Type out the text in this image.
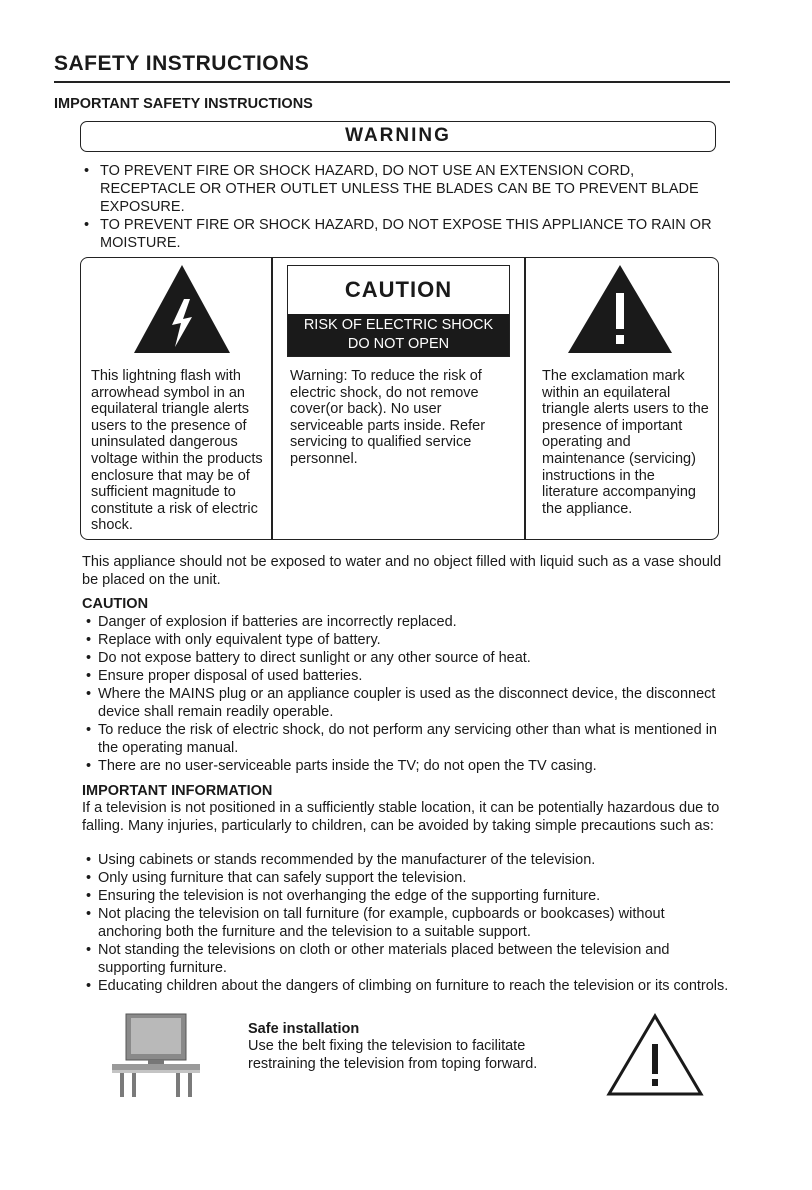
SAFETY INSTRUCTIONS
IMPORTANT SAFETY INSTRUCTIONS
WARNING
• TO PREVENT FIRE OR SHOCK HAZARD, DO NOT USE AN EXTENSION CORD, RECEPTACLE OR OTHER OUTLET UNLESS THE BLADES CAN BE TO PREVENT BLADE EXPOSURE.
• TO PREVENT FIRE OR SHOCK HAZARD, DO NOT EXPOSE THIS APPLIANCE TO RAIN OR MOISTURE.
CAUTION
RISK OF ELECTRIC SHOCK
DO NOT OPEN
This lightning flash with arrowhead symbol in an equilateral triangle alerts users to the presence of uninsulated dangerous voltage within the products enclosure that may be of sufficient magnitude to constitute a risk of electric shock.
Warning: To reduce the risk of electric shock, do not remove cover(or back). No user serviceable parts inside. Refer servicing to qualified service personnel.
The exclamation mark within an equilateral triangle alerts users to the presence of important operating and maintenance (servicing) instructions in the literature accompanying the appliance.
This appliance should not be exposed to water and no object filled with liquid such as a vase should be placed on the unit.
CAUTION
• Danger of explosion if batteries are incorrectly replaced.
• Replace with only equivalent type of battery.
• Do not expose battery to direct sunlight or any other source of heat.
• Ensure proper disposal of used batteries.
• Where the MAINS plug or an appliance coupler is used as the disconnect device, the disconnect device shall remain readily operable.
• To reduce the risk of electric shock, do not perform any servicing other than what is mentioned in the operating manual.
• There are no user-serviceable parts inside the TV; do not open the TV casing.
IMPORTANT INFORMATION
If a television is not positioned in a sufficiently stable location, it can be potentially hazardous due to falling. Many injuries, particularly to children, can be avoided by taking simple precautions such as:
• Using cabinets or stands recommended by the manufacturer of the television.
• Only using furniture that can safely support the television.
• Ensuring the television is not overhanging the edge of the supporting furniture.
• Not placing the television on tall furniture (for example, cupboards or bookcases) without anchoring both the furniture and the television to a suitable support.
• Not standing the televisions on cloth or other materials placed between the television and supporting furniture.
• Educating children about the dangers of climbing on furniture to reach the television or its controls.
Safe installation
Use the belt fixing the television to facilitate restraining the television from toping forward.
